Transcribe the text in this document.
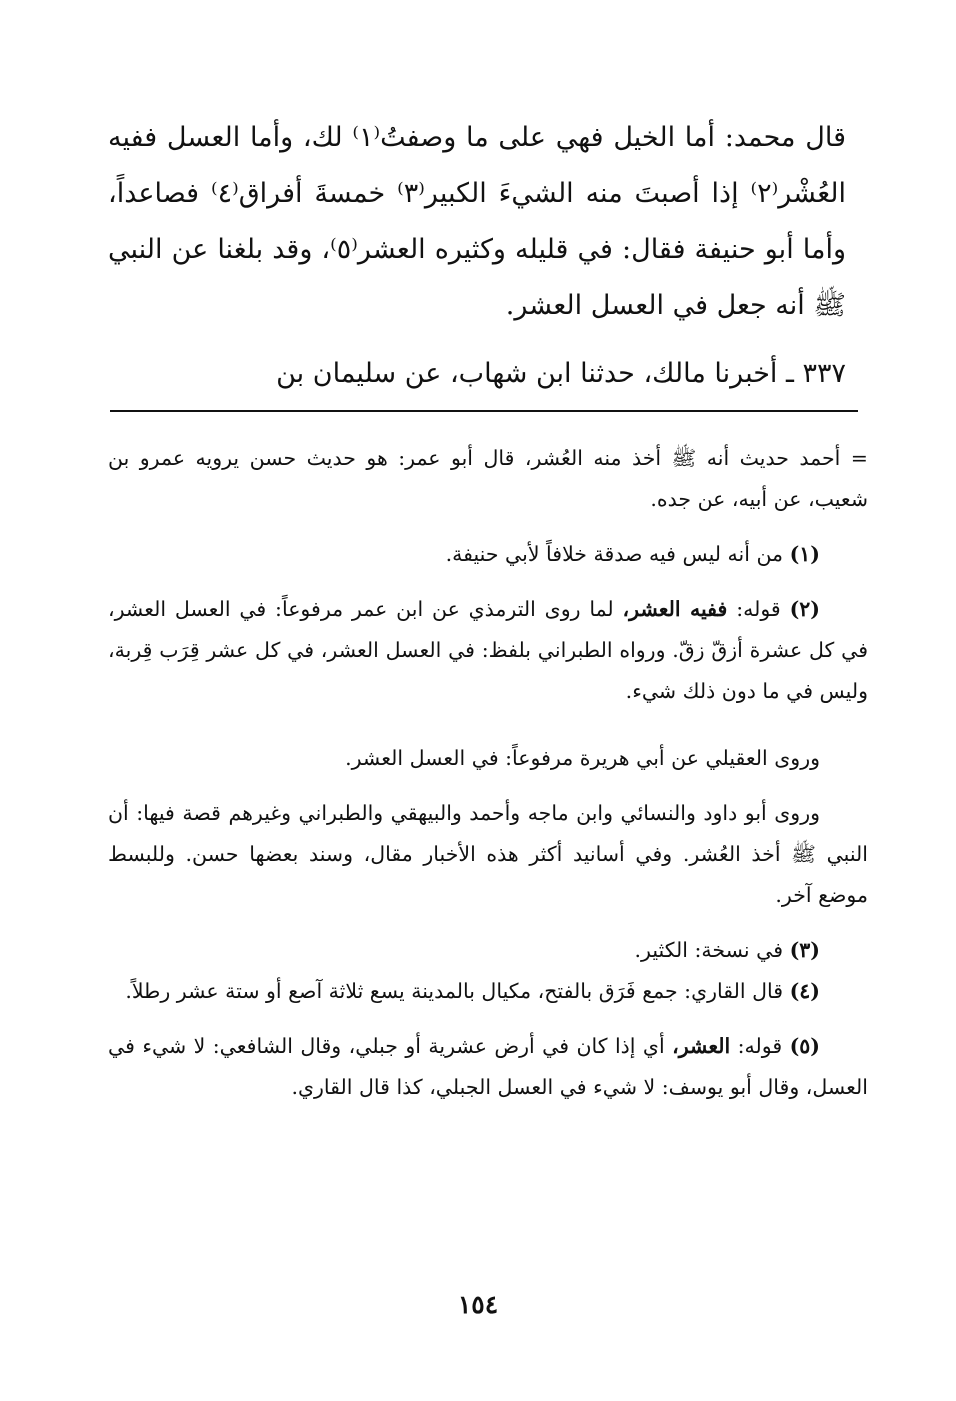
قال محمد: أما الخيل فهي على ما وصفتُ⁽١⁾ لك، وأما العسل ففيه العُشْر⁽٢⁾ إذا أصبتَ منه الشيءَ الكبير⁽٣⁾ خمسةَ أفراق⁽٤⁾ فصاعداً، وأما أبو حنيفة فقال: في قليله وكثيره العشر⁽٥⁾، وقد بلغنا عن النبي ﷺ أنه جعل في العسل العشر.

٣٣٧ ـ أخبرنا مالك، حدثنا ابن شهاب، عن سليمان بن

= أحمد حديث أنه ﷺ أخذ منه العُشر، قال أبو عمر: هو حديث حسن يرويه عمرو بن شعيب، عن أبيه، عن جده.

(١) من أنه ليس فيه صدقة خلافاً لأبي حنيفة.

(٢) قوله: ففيه العشر، لما روى الترمذي عن ابن عمر مرفوعاً: في العسل العشر، في كل عشرة أزقّ زقّ. ورواه الطبراني بلفظ: في العسل العشر، في كل عشر قِرَب قِربة، وليس في ما دون ذلك شيء.

وروى العقيلي عن أبي هريرة مرفوعاً: في العسل العشر.

وروى أبو داود والنسائي وابن ماجه وأحمد والبيهقي والطبراني وغيرهم قصة فيها: أن النبي ﷺ أخذ العُشر. وفي أسانيد أكثر هذه الأخبار مقال، وسند بعضها حسن. وللبسط موضع آخر.

(٣) في نسخة: الكثير.

(٤) قال القاري: جمع فَرَق بالفتح، مكيال بالمدينة يسع ثلاثة آصع أو ستة عشر رطلاً.

(٥) قوله: العشر، أي إذا كان في أرض عشرية أو جبلي، وقال الشافعي: لا شيء في العسل، وقال أبو يوسف: لا شيء في العسل الجبلي، كذا قال القاري.

١٥٤
